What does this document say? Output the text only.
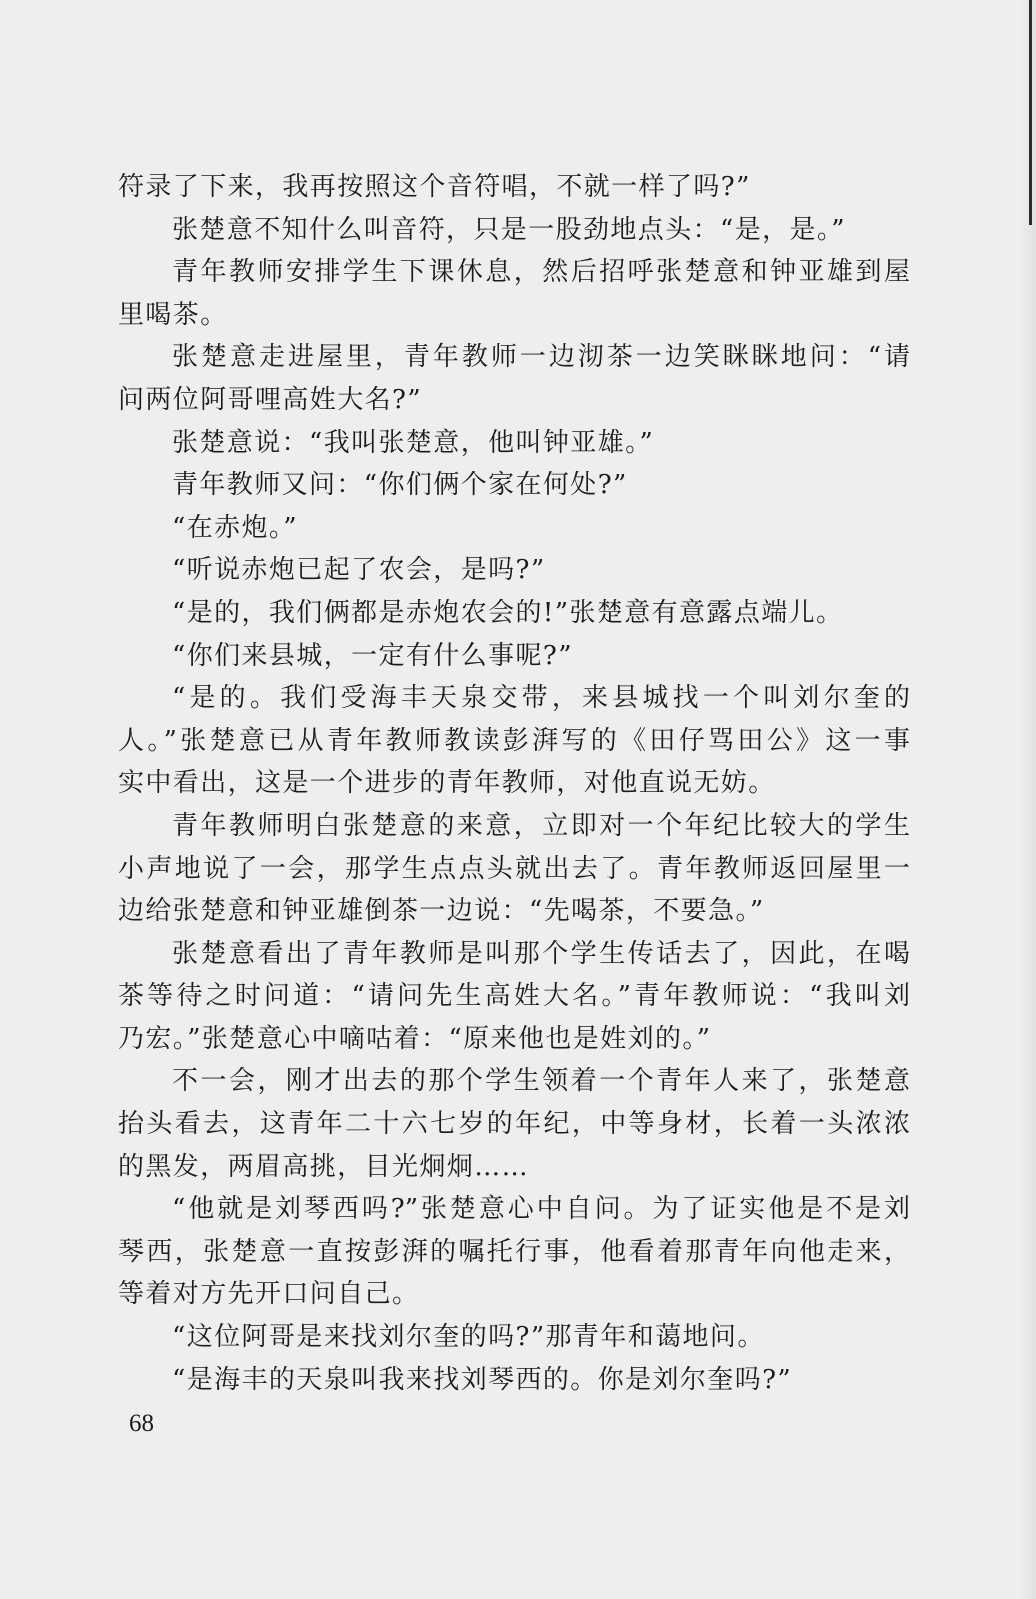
符录了下来，我再按照这个音符唱，不就一样了吗?”
张楚意不知什么叫音符，只是一股劲地点头：“是，是。”
青年教师安排学生下课休息，然后招呼张楚意和钟亚雄到屋
里喝茶。
张楚意走进屋里，青年教师一边沏茶一边笑眯眯地问：“请
问两位阿哥哩高姓大名?”
张楚意说：“我叫张楚意，他叫钟亚雄。”
青年教师又问：“你们俩个家在何处?”
“在赤炮。”
“听说赤炮已起了农会，是吗?”
“是的，我们俩都是赤炮农会的!”张楚意有意露点端儿。
“你们来县城，一定有什么事呢?”
“是的。我们受海丰天泉交带，来县城找一个叫刘尔奎的
人。”张楚意已从青年教师教读彭湃写的《田仔骂田公》这一事
实中看出，这是一个进步的青年教师，对他直说无妨。
青年教师明白张楚意的来意，立即对一个年纪比较大的学生
小声地说了一会，那学生点点头就出去了。青年教师返回屋里一
边给张楚意和钟亚雄倒茶一边说：“先喝茶，不要急。”
张楚意看出了青年教师是叫那个学生传话去了，因此，在喝
茶等待之时问道：“请问先生高姓大名。”青年教师说：“我叫刘
乃宏。”张楚意心中嘀咕着：“原来他也是姓刘的。”
不一会，刚才出去的那个学生领着一个青年人来了，张楚意
抬头看去，这青年二十六七岁的年纪，中等身材，长着一头浓浓
的黑发，两眉高挑，目光炯炯……
“他就是刘琴西吗?”张楚意心中自问。为了证实他是不是刘
琴西，张楚意一直按彭湃的嘱托行事，他看着那青年向他走来，
等着对方先开口问自己。
“这位阿哥是来找刘尔奎的吗?”那青年和蔼地问。
“是海丰的天泉叫我来找刘琴西的。你是刘尔奎吗?”
68
